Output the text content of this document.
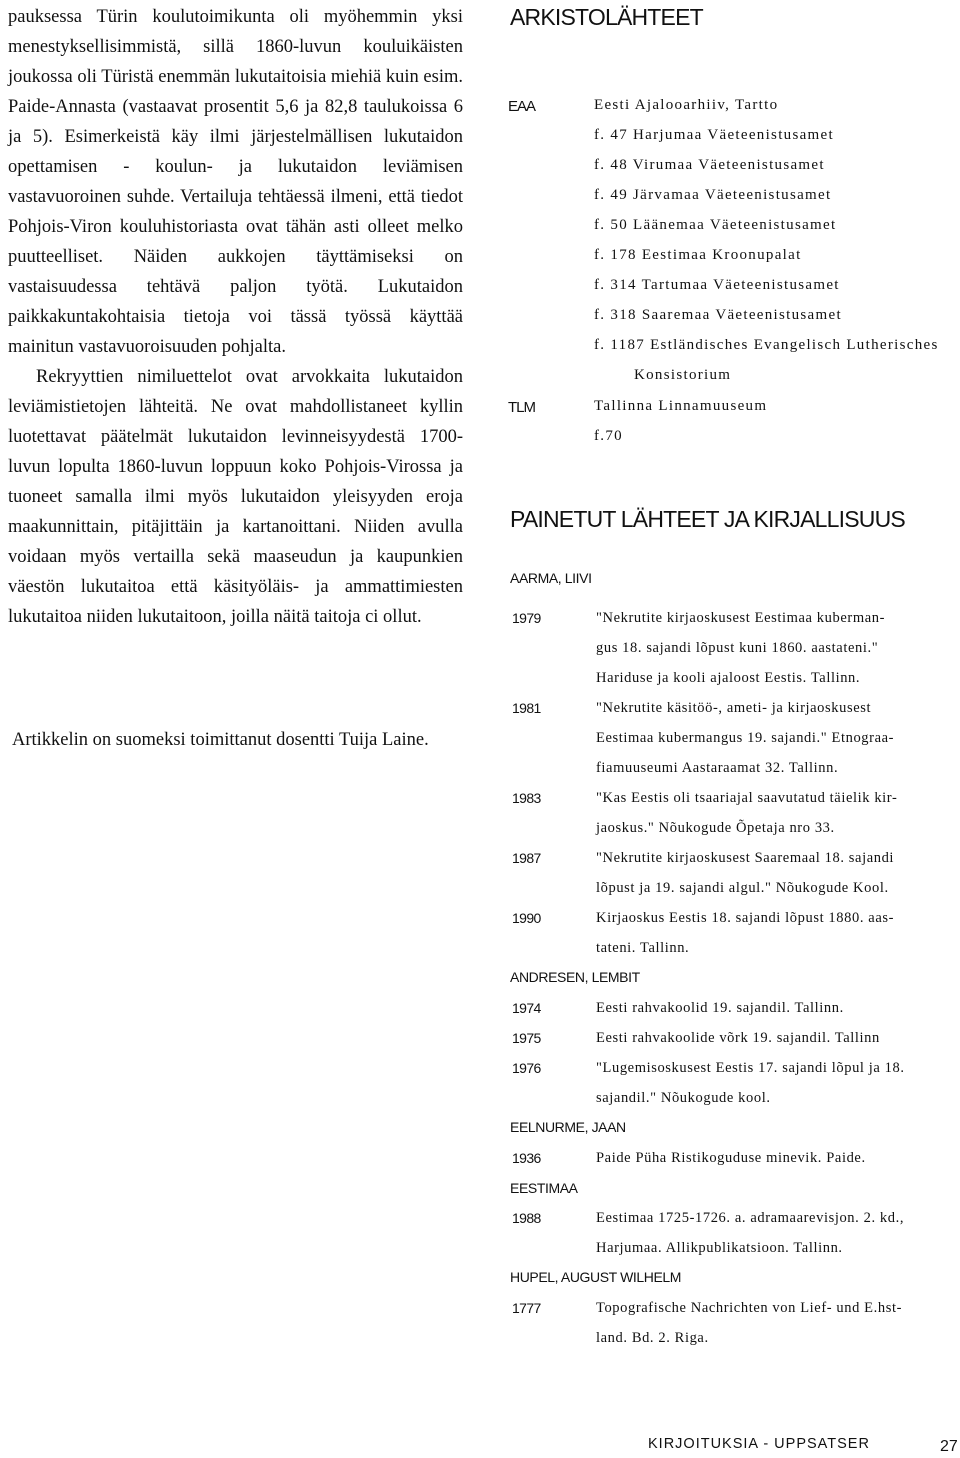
pauksessa Türin koulutoimikunta oli myöhemmin yksi menestyksellisimmistä, sillä 1860-luvun kouluikäisten joukossa oli Türistä enemmän lukutaitoisia miehiä kuin esim. Paide-Annasta (vastaavat prosentit 5,6 ja 82,8 taulukoissa 6 ja 5). Esimerkeistä käy ilmi järjestelmällisen lukutaidon opettamisen - koulun- ja lukutaidon leviämisen vastavuoroinen suhde. Vertailuja tehtäessä ilmeni, että tiedot Pohjois-Viron kouluhistoriasta ovat tähän asti olleet melko puutteelliset. Näiden aukkojen täyttämiseksi on vastaisuudessa tehtävä paljon työtä. Lukutaidon paikkakuntakohtaisia tietoja voi tässä työssä käyttää mainitun vastavuoroisuuden pohjalta.

Rekryyttien nimiluettelot ovat arvokkaita lukutaidon leviämistietojen lähteitä. Ne ovat mahdollistaneet kyllin luotettavat päätelmät lukutaidon levinneisyydestä 1700-luvun lopulta 1860-luvun loppuun koko Pohjois-Virossa ja tuoneet samalla ilmi myös lukutaidon yleisyyden eroja maakunnittain, pitäjittäin ja kartanoittani. Niiden avulla voidaan myös vertailla sekä maaseudun ja kaupunkien väestön lukutaitoa että käsityöläis- ja ammattimiesten lukutaitoa niiden lukutaitoon, joilla näitä taitoja ci ollut.

Artikkelin on suomeksi toimittanut dosentti Tuija Laine.

ARKISTOLÄHTEET
EAA	Eesti Ajalooarhiiv, Tartto
f. 47 Harjumaa Väeteenistusamet
f. 48 Virumaa Väeteenistusamet
f. 49 Järvamaa Väeteenistusamet
f. 50 Läänemaa Väeteenistusamet
f. 178 Eestimaa Kroonupalat
f. 314 Tartumaa Väeteenistusamet
f. 318 Saaremaa Väeteenistusamet
f. 1187 Estländisches Evangelisch Lutherisches
Konsistorium
TLM	Tallinna Linnamuuseum
f.70
PAINETUT LÄHTEET JA KIRJALLISUUS
AARMA, LIIVI
1979	"Nekrutite kirjaoskusest Eestimaa kuberman-
gus 18. sajandi lõpust kuni 1860. aastateni."
Hariduse ja kooli ajaloost Eestis. Tallinn.
1981	"Nekrutite käsitöö-, ameti- ja kirjaoskusest
Eestimaa kubermangus 19. sajandi." Etnograa-
fiamuuseumi Aastaraamat 32. Tallinn.
1983	"Kas Eestis oli tsaariajal saavutatud täielik kir-
jaoskus." Nõukogude Õpetaja nro 33.
1987	"Nekrutite kirjaoskusest Saaremaal 18. sajandi
lõpust ja 19. sajandi algul." Nõukogude Kool.
1990	Kirjaoskus Eestis 18. sajandi lõpust 1880. aas-
tateni. Tallinn.
ANDRESEN, LEMBIT
1974	Eesti rahvakoolid 19. sajandil. Tallinn.
1975	Eesti rahvakoolide võrk 19. sajandil. Tallinn
1976	"Lugemisoskusest Eestis 17. sajandi lõpul ja 18.
sajandil." Nõukogude kool.
EELNURME, JAAN
1936	Paide Püha Ristikoguduse minevik. Paide.
EESTIMAA
1988	Eestimaa 1725-1726. a. adramaarevisjon. 2. kd.,
Harjumaa. Allikpublikatsioon. Tallinn.
HUPEL, AUGUST WILHELM
1777	Topografische Nachrichten von Lief- und E.hst-
land. Bd. 2. Riga.
KIRJOITUKSIA - UPPSATSER	27
